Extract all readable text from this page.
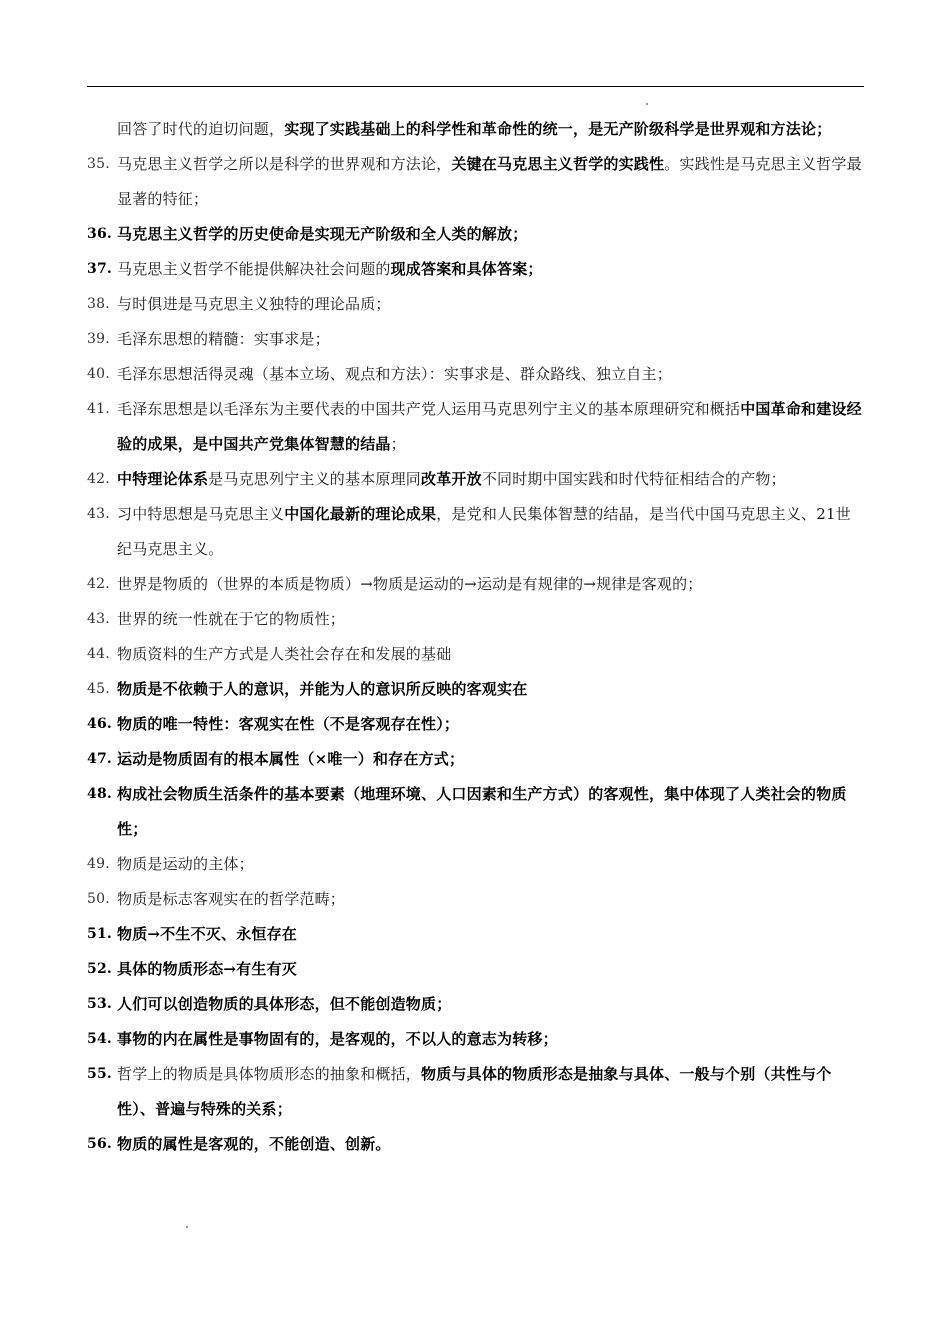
回答了时代的迫切问题，实现了实践基础上的科学性和革命性的统一，是无产阶级科学是世界观和方法论；
35. 马克思主义哲学之所以是科学的世界观和方法论，关键在马克思主义哲学的实践性。实践性是马克思主义哲学最显著的特征；
36. 马克思主义哲学的历史使命是实现无产阶级和全人类的解放；
37. 马克思主义哲学不能提供解决社会问题的现成答案和具体答案；
38. 与时俱进是马克思主义独特的理论品质；
39. 毛泽东思想的精髓：实事求是；
40. 毛泽东思想活得灵魂（基本立场、观点和方法）：实事求是、群众路线、独立自主；
41. 毛泽东思想是以毛泽东为主要代表的中国共产党人运用马克思列宁主义的基本原理研究和概括中国革命和建设经验的成果，是中国共产党集体智慧的结晶；
42. 中特理论体系是马克思列宁主义的基本原理同改革开放不同时期中国实践和时代特征相结合的产物；
43. 习中特思想是马克思主义中国化最新的理论成果，是党和人民集体智慧的结晶，是当代中国马克思主义、21世纪马克思主义。
42. 世界是物质的（世界的本质是物质）→物质是运动的→运动是有规律的→规律是客观的；
43. 世界的统一性就在于它的物质性；
44. 物质资料的生产方式是人类社会存在和发展的基础
45. 物质是不依赖于人的意识，并能为人的意识所反映的客观实在
46. 物质的唯一特性：客观实在性（不是客观存在性）；
47. 运动是物质固有的根本属性（×唯一）和存在方式；
48. 构成社会物质生活条件的基本要素（地理环境、人口因素和生产方式）的客观性，集中体现了人类社会的物质性；
49. 物质是运动的主体；
50. 物质是标志客观实在的哲学范畴；
51. 物质→不生不灭、永恒存在
52. 具体的物质形态→有生有灭
53. 人们可以创造物质的具体形态，但不能创造物质；
54. 事物的内在属性是事物固有的，是客观的，不以人的意志为转移；
55. 哲学上的物质是具体物质形态的抽象和概括，物质与具体的物质形态是抽象与具体、一般与个别（共性与个性）、普遍与特殊的关系；
56. 物质的属性是客观的，不能创造、创新。
